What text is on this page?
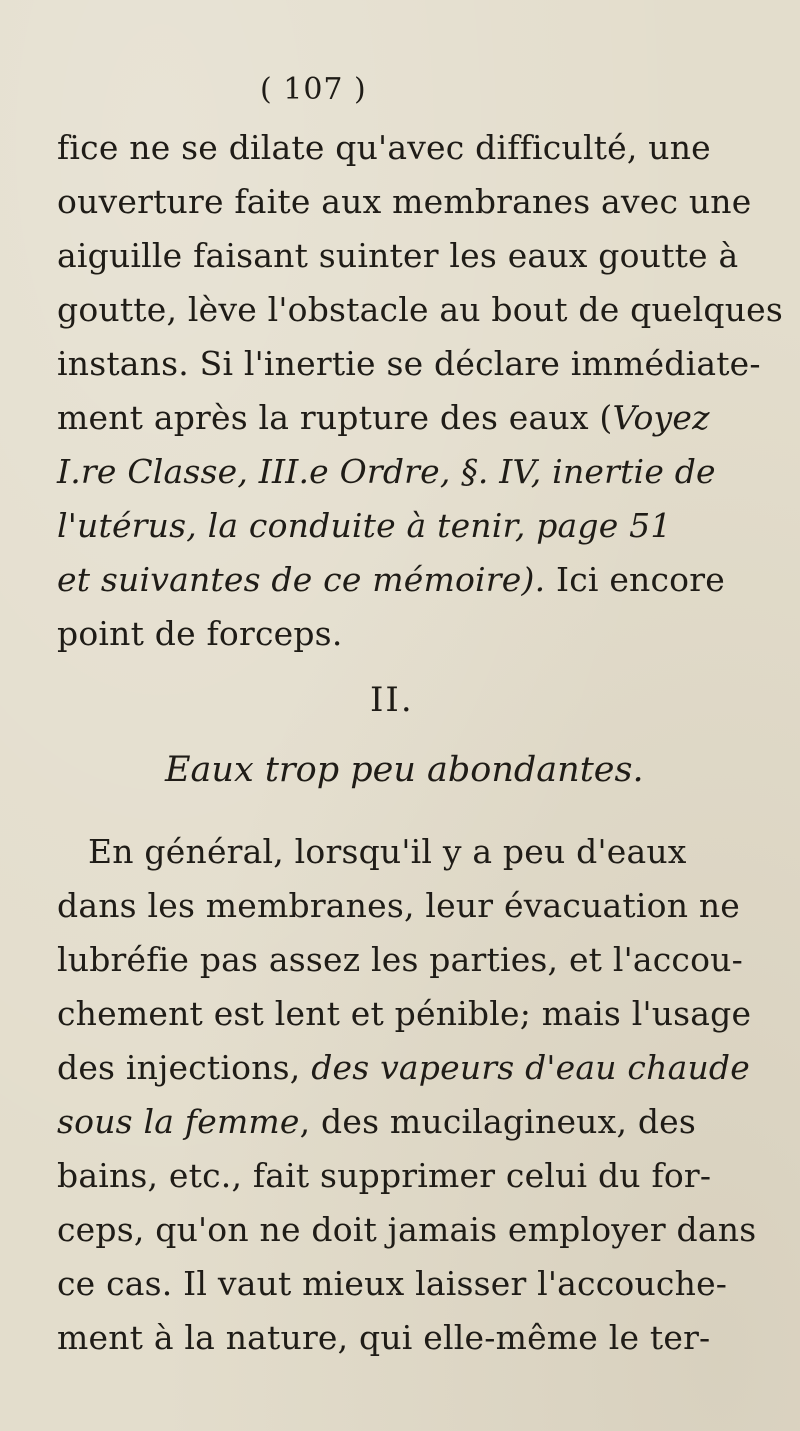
( 107 )
fice ne se dilate qu'avec difficulté, une
ouverture faite aux membranes avec une
aiguille faisant suinter les eaux goutte à
goutte, lève l'obstacle au bout de quelques
instans. Si l'inertie se déclare immédiate-
ment après la rupture des eaux (Voyez
I.re Classe, III.e Ordre, §. IV, inertie de
l'utérus, la conduite à tenir, page 51
et suivantes de ce mémoire). Ici encore
point de forceps.
II.
Eaux trop peu abondantes.
En général, lorsqu'il y a peu d'eaux
dans les membranes, leur évacuation ne
lubréfie pas assez les parties, et l'accou-
chement est lent et pénible; mais l'usage
des injections, des vapeurs d'eau chaude
sous la femme, des mucilagineux, des
bains, etc., fait supprimer celui du for-
ceps, qu'on ne doit jamais employer dans
ce cas. Il vaut mieux laisser l'accouche-
ment à la nature, qui elle-même le ter-
